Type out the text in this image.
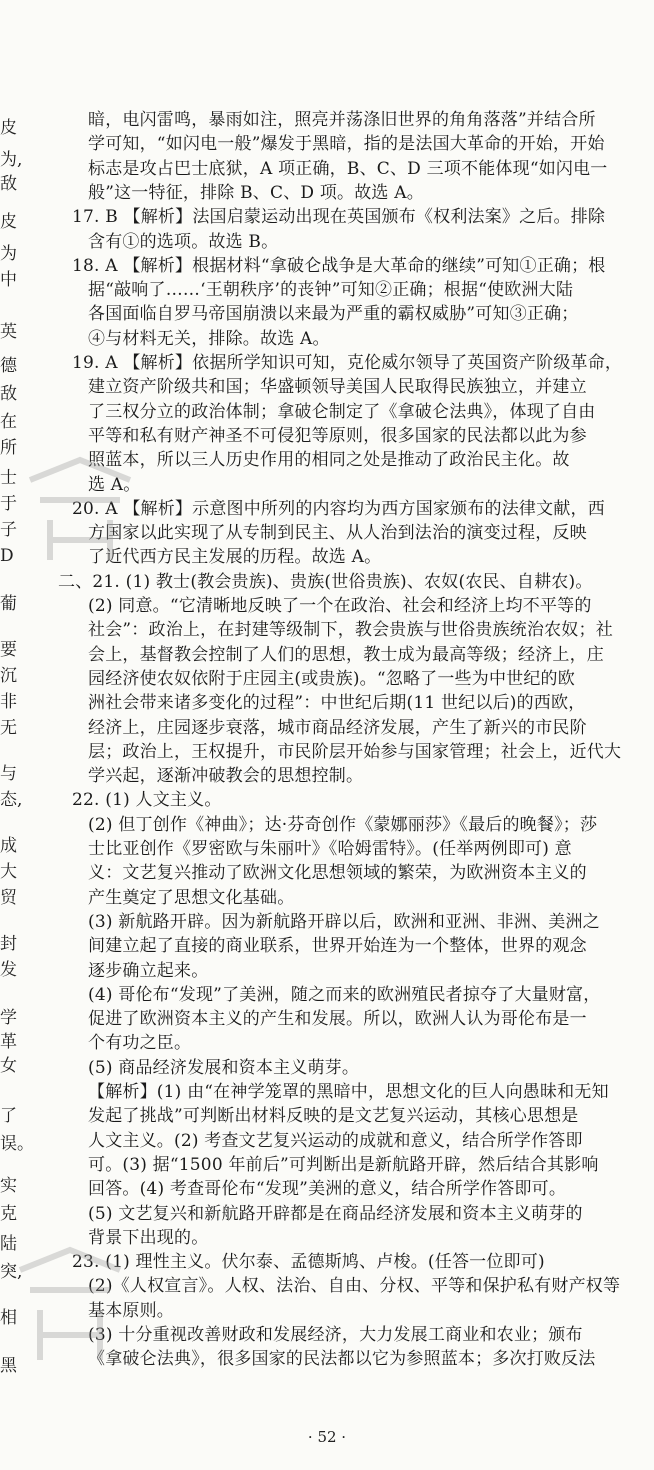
皮
为,
敌
皮
为
中
英
德
敌
在
所
士
于
子
D
葡
要
沉
非
无
与
态,
成
大
贸
封
发
学
革
女
了
误。
实
克
陆
突,
相
黑
暗，电闪雷鸣，暴雨如注，照亮并荡涤旧世界的角角落落”并结合所
学可知，“如闪电一般”爆发于黑暗，指的是法国大革命的开始，开始
标志是攻占巴士底狱，A 项正确，B、C、D 三项不能体现“如闪电一
般”这一特征，排除 B、C、D 项。故选 A。
17. B 【解析】法国启蒙运动出现在英国颁布《权利法案》之后。排除
含有①的选项。故选 B。
18. A 【解析】根据材料“拿破仑战争是大革命的继续”可知①正确；根
据“敲响了……‘王朝秩序’的丧钟”可知②正确；根据“使欧洲大陆
各国面临自罗马帝国崩溃以来最为严重的霸权威胁”可知③正确；
④与材料无关，排除。故选 A。
19. A 【解析】依据所学知识可知，克伦威尔领导了英国资产阶级革命，
建立资产阶级共和国；华盛顿领导美国人民取得民族独立，并建立
了三权分立的政治体制；拿破仑制定了《拿破仑法典》，体现了自由
平等和私有财产神圣不可侵犯等原则，很多国家的民法都以此为参
照蓝本，所以三人历史作用的相同之处是推动了政治民主化。故
选 A。
20. A 【解析】示意图中所列的内容均为西方国家颁布的法律文献，西
方国家以此实现了从专制到民主、从人治到法治的演变过程，反映
了近代西方民主发展的历程。故选 A。
二、21. (1) 教士(教会贵族)、贵族(世俗贵族)、农奴(农民、自耕农)。
(2) 同意。“它清晰地反映了一个在政治、社会和经济上均不平等的
社会”：政治上，在封建等级制下，教会贵族与世俗贵族统治农奴；社
会上，基督教会控制了人们的思想，教士成为最高等级；经济上，庄
园经济使农奴依附于庄园主(或贵族)。“忽略了一些为中世纪的欧
洲社会带来诸多变化的过程”：中世纪后期(11 世纪以后)的西欧，
经济上，庄园逐步衰落，城市商品经济发展，产生了新兴的市民阶
层；政治上，王权提升，市民阶层开始参与国家管理；社会上，近代大
学兴起，逐渐冲破教会的思想控制。
22. (1) 人文主义。
(2) 但丁创作《神曲》；达·芬奇创作《蒙娜丽莎》《最后的晚餐》；莎
士比亚创作《罗密欧与朱丽叶》《哈姆雷特》。(任举两例即可) 意
义：文艺复兴推动了欧洲文化思想领域的繁荣，为欧洲资本主义的
产生奠定了思想文化基础。
(3) 新航路开辟。因为新航路开辟以后，欧洲和亚洲、非洲、美洲之
间建立起了直接的商业联系，世界开始连为一个整体，世界的观念
逐步确立起来。
(4) 哥伦布“发现”了美洲，随之而来的欧洲殖民者掠夺了大量财富，
促进了欧洲资本主义的产生和发展。所以，欧洲人认为哥伦布是一
个有功之臣。
(5) 商品经济发展和资本主义萌芽。
【解析】(1) 由“在神学笼罩的黑暗中，思想文化的巨人向愚昧和无知
发起了挑战”可判断出材料反映的是文艺复兴运动，其核心思想是
人文主义。(2) 考查文艺复兴运动的成就和意义，结合所学作答即
可。(3) 据“1500 年前后”可判断出是新航路开辟，然后结合其影响
回答。(4) 考查哥伦布“发现”美洲的意义，结合所学作答即可。
(5) 文艺复兴和新航路开辟都是在商品经济发展和资本主义萌芽的
背景下出现的。
23. (1) 理性主义。伏尔泰、孟德斯鸠、卢梭。(任答一位即可)
(2)《人权宣言》。人权、法治、自由、分权、平等和保护私有财产权等
基本原则。
(3) 十分重视改善财政和发展经济，大力发展工商业和农业；颁布
《拿破仑法典》，很多国家的民法都以它为参照蓝本；多次打败反法
· 52 ·
